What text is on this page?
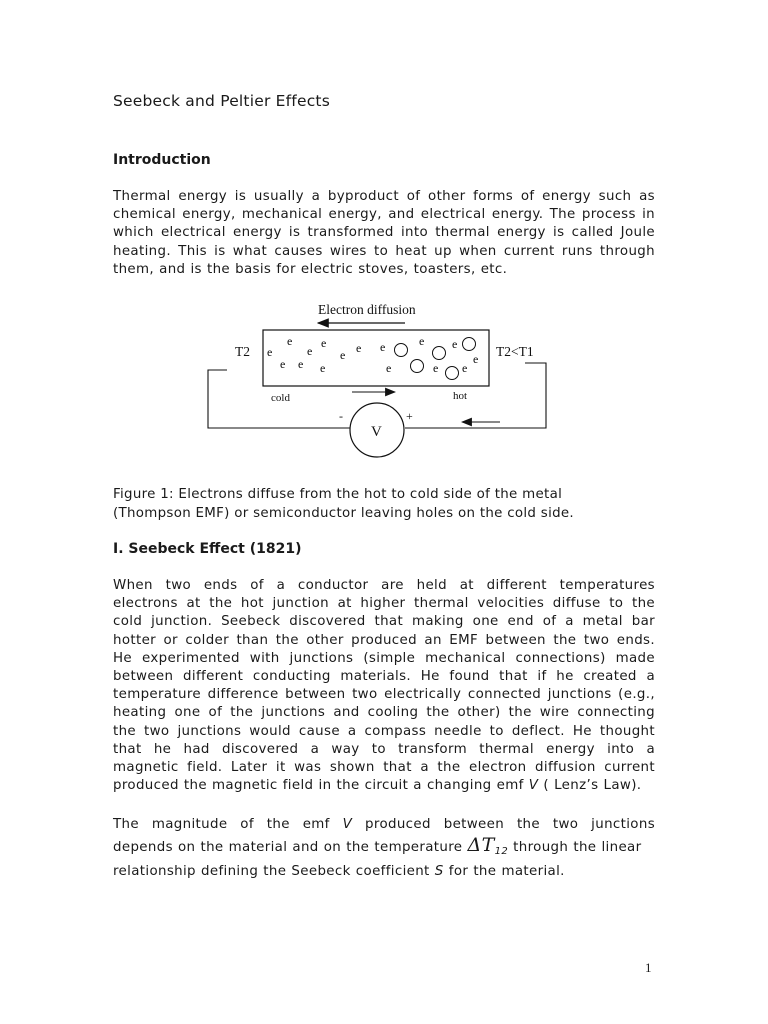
Seebeck and Peltier Effects
Introduction

Thermal energy is usually a byproduct of other forms of energy such as
chemical energy, mechanical energy, and electrical energy. The process in
which electrical energy is transformed into thermal energy is called Joule
heating. This is what causes wires to heat up when current runs through
them, and is the basis for electric stoves, toasters, etc.

Electron diffusion
T2	T2<T1
e
e
e
e
e e
e e e
e	e e
e
e	e e
cold	hot
V
-	+

Figure 1: Electrons diffuse from the hot to cold side of the metal
(Thompson EMF) or semiconductor leaving holes on the cold side.

I. Seebeck Effect (1821)

When two ends of a conductor are held at different temperatures
electrons at the hot junction at higher thermal velocities diffuse to the
cold junction. Seebeck discovered that making one end of a metal bar
hotter or colder than the other produced an EMF between the two ends.
He experimented with junctions (simple mechanical connections) made
between different conducting materials. He found that if he created a
temperature difference between two electrically connected junctions (e.g.,
heating one of the junctions and cooling the other) the wire connecting
the two junctions would cause a compass needle to deflect. He thought
that he had discovered a way to transform thermal energy into a
magnetic field. Later it was shown that a the electron diffusion current
produced the magnetic field in the circuit a changing emf V ( Lenz’s Law).

The magnitude of the emf V produced between the two junctions
depends on the material and on the temperature $\Delta T_{12}$ through the linear
relationship defining the Seebeck coefficient S for the material.

1
